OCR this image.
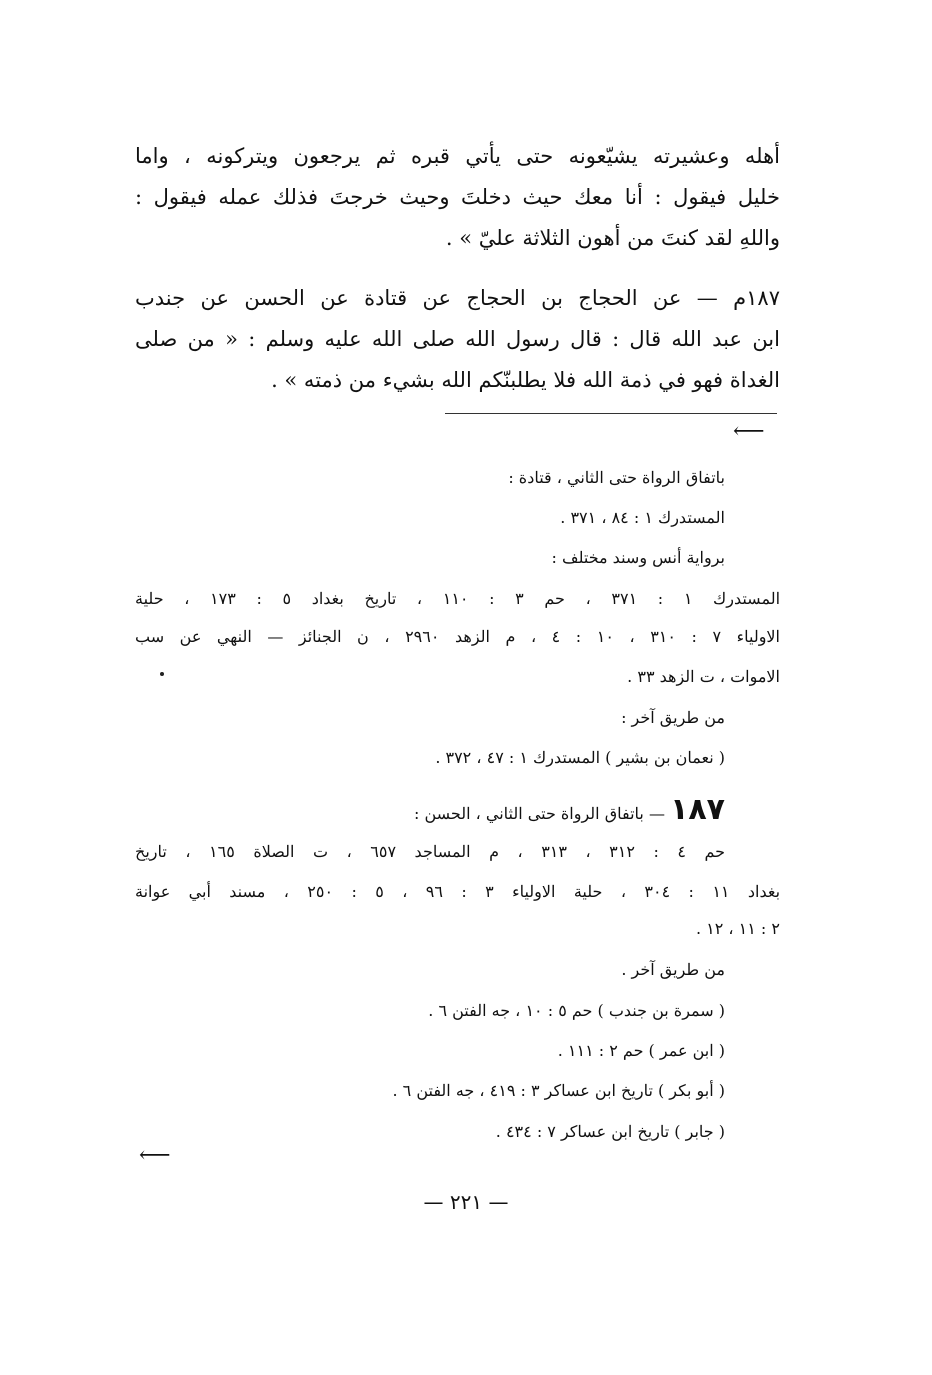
أهله وعشيرته يشيّعونه حتى يأتي قبره ثم يرجعون ويتركونه ، واما
خليل فيقول : أنا معك حيث دخلتَ وحيث خرجتَ فذلك عمله فيقول :
واللهِ لقد كنتَ من أهون الثلاثة عليّ » .
١٨٧م — عن الحجاج بن الحجاج عن قتادة عن الحسن عن جندب
ابن عبد الله قال : قال رسول الله صلى الله عليه وسلم : « من صلى
الغداة فهو في ذمة الله فلا يطلبنّكم الله بشيء من ذمته » .
⟵
باتفاق الرواة حتى الثاني ، قتادة :
المستدرك ١ : ٨٤ ، ٣٧١ .
برواية أنس وسند مختلف :
المستدرك ١ : ٣٧١ ، حم ٣ : ١١٠ ، تاريخ بغداد ٥ : ١٧٣ ، حلية
الاولياء ٧ : ٣١٠ ، ١٠ : ٤ ، م الزهد ٢٩٦٠ ، ن الجنائز — النهي عن سب
الاموات ، ت الزهد ٣٣ .
من طريق آخر :
( نعمان بن بشير ) المستدرك ١ : ٤٧ ، ٣٧٢ .
١٨٧ — باتفاق الرواة حتى الثاني ، الحسن :
حم ٤ : ٣١٢ ، ٣١٣ ، م المساجد ٦٥٧ ، ت الصلاة ١٦٥ ، تاريخ
بغداد ١١ : ٣٠٤ ، حلية الاولياء ٣ : ٩٦ ، ٥ : ٢٥٠ ، مسند أبي عوانة
٢ : ١١ ، ١٢ .
من طريق آخر .
( سمرة بن جندب ) حم ٥ : ١٠ ، جه الفتن ٦ .
( ابن عمر ) حم ٢ : ١١١ .
( أبو بكر ) تاريخ ابن عساكر ٣ : ٤١٩ ، جه الفتن ٦ .
( جابر ) تاريخ ابن عساكر ٧ : ٤٣٤ .
⟵
— ٢٢١ —
